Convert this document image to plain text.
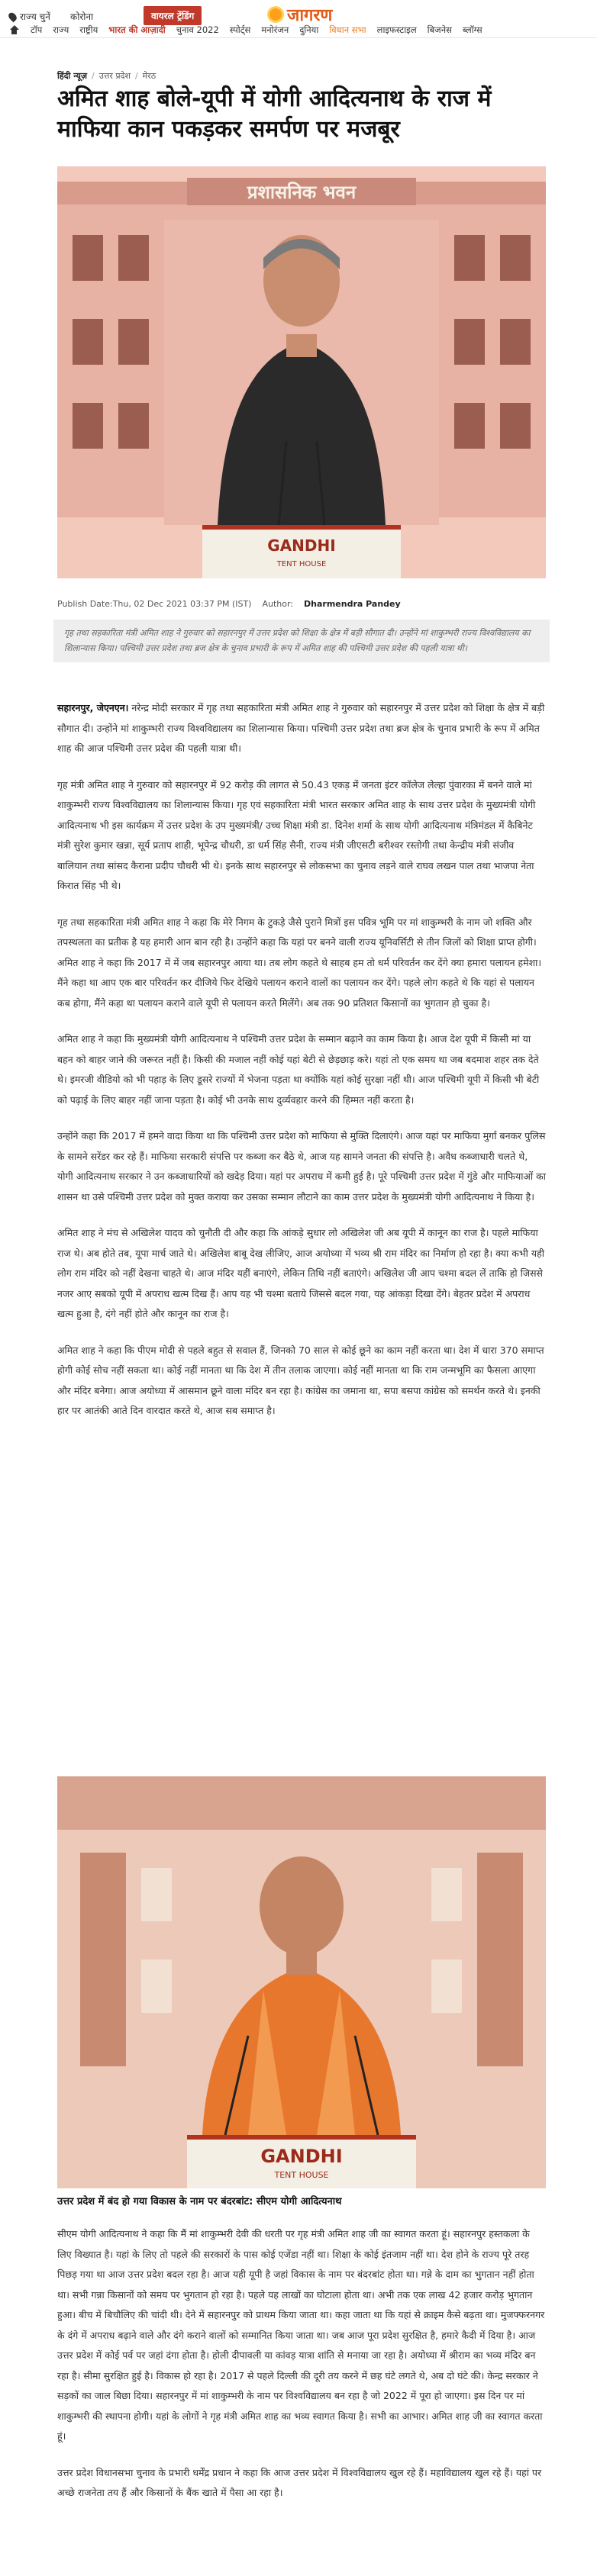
राज्य चुनें कोरोना	वायरल ट्रेंडिंग	जागरण
टॉप	राज्य	राष्ट्रीय	भारत की आज़ादी	चुनाव 2022	स्पोर्ट्स	मनोरंजन	दुनिया	विधान सभा	लाइफस्टाइल	बिजनेस	ब्लॉग्स
हिंदी न्यूज़ / उत्तर प्रदेश / मेरठ
अमित शाह बोले-यूपी में योगी आदित्यनाथ के राज में माफिया कान पकड़कर समर्पण पर मजबूर
प्रशासनिक भवन
GANDHI
TENT HOUSE
Publish Date:Thu, 02 Dec 2021 03:37 PM (IST) Author: Dharmendra Pandey
गृह तथा सहकारिता मंत्री अमित शाह ने गुरुवार को सहारनपुर में उत्तर प्रदेश को शिक्षा के क्षेत्र में बड़ी सौगात दी। उन्होंने मां शाकुम्भरी राज्य विश्वविद्यालय का शिलान्यास किया। पश्चिमी उत्तर प्रदेश तथा ब्रज क्षेत्र के चुनाव प्रभारी के रूप में अमित शाह की पश्चिमी उत्तर प्रदेश की पहली यात्रा थी।

सहारनपुर, जेएनएन। नरेन्द्र मोदी सरकार में गृह तथा सहकारिता मंत्री अमित शाह ने गुरुवार को सहारनपुर में उत्तर प्रदेश को शिक्षा के क्षेत्र में बड़ी सौगात दी। उन्होंने मां शाकुम्भरी राज्य विश्वविद्यालय का शिलान्यास किया। पश्चिमी उत्तर प्रदेश तथा ब्रज क्षेत्र के चुनाव प्रभारी के रूप में अमित शाह की आज पश्चिमी उत्तर प्रदेश की पहली यात्रा थी।

गृह मंत्री अमित शाह ने गुरुवार को सहारनपुर में 92 करोड़ की लागत से 50.43 एकड़ में जनता इंटर कॉलेज लेल्हा पुंवारका में बनने वाले मां शाकुम्भरी राज्य विश्वविद्यालय का शिलान्यास किया। गृह एवं सहकारिता मंत्री भारत सरकार अमित शाह के साथ उत्तर प्रदेश के मुख्यमंत्री योगी आदित्यनाथ भी इस कार्यक्रम में उत्तर प्रदेश के उप मुख्यमंत्री/ उच्च शिक्षा मंत्री डा. दिनेश शर्मा के साथ योगी आदित्यनाथ मंत्रिमंडल में कैबिनेट मंत्री सुरेश कुमार खन्ना, सूर्य प्रताप शाही, भूपेन्द्र चौधरी, डा धर्म सिंह सैनी, राज्य मंत्री जीएसटी बरीश्वर रस्तोगी तथा केन्द्रीय मंत्री संजीव बालियान तथा सांसद कैराना प्रदीप चौधरी भी थे। इनके साथ सहारनपुर से लोकसभा का चुनाव लड़ने वाले राघव लखन पाल तथा भाजपा नेता किरात सिंह भी थे।

गृह तथा सहकारिता मंत्री अमित शाह ने कहा कि मेरे निगम के टुकड़े जैसे पुराने मित्रों इस पवित्र भूमि पर मां शाकुम्भरी के नाम जो शक्ति और तपस्थलता का प्रतीक है यह हमारी आन बान रही है। उन्होंने कहा कि यहां पर बनने वाली राज्य यूनिवर्सिटी से तीन जिलों को शिक्षा प्राप्त होगी। अमित शाह ने कहा कि 2017 में में जब सहारनपुर आया था। तब लोग कहते थे साहब हम तो धर्म परिवर्तन कर देंगे क्या हमारा पलायन हमेशा। मैंने कहा था आप एक बार परिवर्तन कर दीजिये फिर देखिये पलायन कराने वालों का पलायन कर देंगे। पहले लोग कहते थे कि यहां से पलायन कब होगा, मैंने कहा था पलायन कराने वाले यूपी से पलायन करते मिलेंगे। अब तक 90 प्रतिशत किसानों का भुगतान हो चुका है।

अमित शाह ने कहा कि मुख्यमंत्री योगी आदित्यनाथ ने पश्चिमी उत्तर प्रदेश के सम्मान बढ़ाने का काम किया है। आज देश यूपी में किसी मां या बहन को बाहर जाने की जरूरत नहीं है। किसी की मजाल नहीं कोई यहां बेटी से छेड़छाड़ करे। यहां तो एक समय था जब बदमाश शहर तक देते थे। इमरजी वीडियो को भी पहाड़ के लिए डूसरे राज्यों में भेजना पड़ता था क्योंकि यहां कोई सुरक्षा नहीं थी। आज पश्चिमी यूपी में किसी भी बेटी को पढ़ाई के लिए बाहर नहीं जाना पड़ता है। कोई भी उनके साथ दुर्व्यवहार करने की हिम्मत नहीं करता है।

उन्होंने कहा कि 2017 में हमने वादा किया था कि पश्चिमी उत्तर प्रदेश को माफिया से मुक्ति दिलाएंगे। आज यहां पर माफिया मुर्गा बनकर पुलिस के सामने सरेंडर कर रहे हैं। माफिया सरकारी संपत्ति पर कब्जा कर बैठे थे, आज यह सामने जनता की संपत्ति है। अवैध कब्जाधारी चलते थे, योगी आदित्यनाथ सरकार ने उन कब्जाधारियों को खदेड़ दिया। यहां पर अपराध में कमी हुई है। पूरे पश्चिमी उत्तर प्रदेश में गुंडे और माफियाओं का शासन था उसे पश्चिमी उत्तर प्रदेश को मुक्त कराया कर उसका सम्मान लौटाने का काम उत्तर प्रदेश के मुख्यमंत्री योगी आदित्यनाथ ने किया है।

अमित शाह ने मंच से अखिलेश यादव को चुनौती दी और कहा कि आंकड़े सुधार लो अखिलेश जी अब यूपी में कानून का राज है। पहले माफिया राज थे। अब होते तब, यूपा मार्च जाते थे। अखिलेश बाबू देख लीजिए, आज अयोध्या में भव्य श्री राम मंदिर का निर्माण हो रहा है। क्या कभी यही लोग राम मंदिर को नहीं देखना चाहते थे। आज मंदिर यहीं बनाएंगे, लेकिन तिथि नहीं बताएंगे। अखिलेश जी आप चश्मा बदल लें ताकि हो जिससे नजर आए सबको यूपी में अपराध खत्म दिख हैं। आप यह भी चश्मा बताये जिससे बदल गया, यह आंकड़ा दिखा देंगे। बेहतर प्रदेश में अपराध खत्म हुआ है, दंगे नहीं होते और कानून का राज है।

अमित शाह ने कहा कि पीएम मोदी से पहले बहुत से सवाल हैं, जिनको 70 साल से कोई छूने का काम नहीं करता था। देश में धारा 370 समाप्त होगी कोई सोच नहीं सकता था। कोई नहीं मानता था कि देश में तीन तलाक जाएगा। कोई नहीं मानता था कि राम जन्मभूमि का फैसला आएगा और मंदिर बनेगा। आज अयोध्या में आसमान छूने वाला मंदिर बन रहा है। कांग्रेस का जमाना था, सपा बसपा कांग्रेस को समर्थन करते थे। इनकी हार पर आतंकी आते दिन वारदात करते थे, आज सब समाप्त है।

GANDHI
TENT HOUSE
उत्तर प्रदेश में बंद हो गया विकास के नाम पर बंदरबांट: सीएम योगी आदित्यनाथ

सीएम योगी आदित्यनाथ ने कहा कि मैं मां शाकुम्भरी देवी की धरती पर गृह मंत्री अमित शाह जी का स्वागत करता हूं। सहारनपुर हस्तकला के लिए विख्यात है। यहां के लिए तो पहले की सरकारों के पास कोई एजेंडा नहीं था। शिक्षा के कोई इंतजाम नहीं था। देश होने के राज्य पूरे तरह पिछड़ गया था आज उत्तर प्रदेश बदल रहा है। आज यही यूपी है जहां विकास के नाम पर बंदरबांट होता था। गन्ने के दाम का भुगतान नहीं होता था। सभी गन्ना किसानों को समय पर भुगतान हो रहा है। पहले यह लाखों का घोटाला होता था। अभी तक एक लाख 42 हजार करोड़ भुगतान हुआ। बीच में बिचौलिए की चांदी थी। देने में सहारनपुर को प्राथम किया जाता था। कहा जाता था कि यहां से क्राइम कैसे बढ़ता था। मुजफ्फरनगर के दंगे में अपराध बढ़ाने वाले और दंगे कराने वालों को सम्मानित किया जाता था। जब आज पूरा प्रदेश सुरक्षित है, हमारे कैदी में दिया है। आज उत्तर प्रदेश में कोई पर्व पर जहां दंगा होता है। होली दीपावली या कांवड़ यात्रा शांति से मनाया जा रहा है। अयोध्या में श्रीराम का भव्य मंदिर बन रहा है। सीमा सुरक्षित हुई है। विकास हो रहा है। 2017 से पहले दिल्ली की दूरी तय करने में छह घंटे लगते थे, अब दो घंटे की। केन्द्र सरकार ने सड़कों का जाल बिछा दिया। सहारनपुर में मां शाकुम्भरी के नाम पर विश्वविद्यालय बन रहा है जो 2022 में पूरा हो जाएगा। इस दिन पर मां शाकुम्भरी की स्थापना होगी। यहां के लोगों ने गृह मंत्री अमित शाह का भव्य स्वागत किया है। सभी का आभार। अमित शाह जी का स्वागत करता हूं।

उत्तर प्रदेश विधानसभा चुनाव के प्रभारी धर्मेंद्र प्रधान ने कहा कि आज उत्तर प्रदेश में विश्वविद्यालय खुल रहे हैं। महाविद्यालय खुल रहे हैं। यहां पर अच्छे राजनेता तय हैं और किसानों के बैंक खाते में पैसा आ रहा है।
